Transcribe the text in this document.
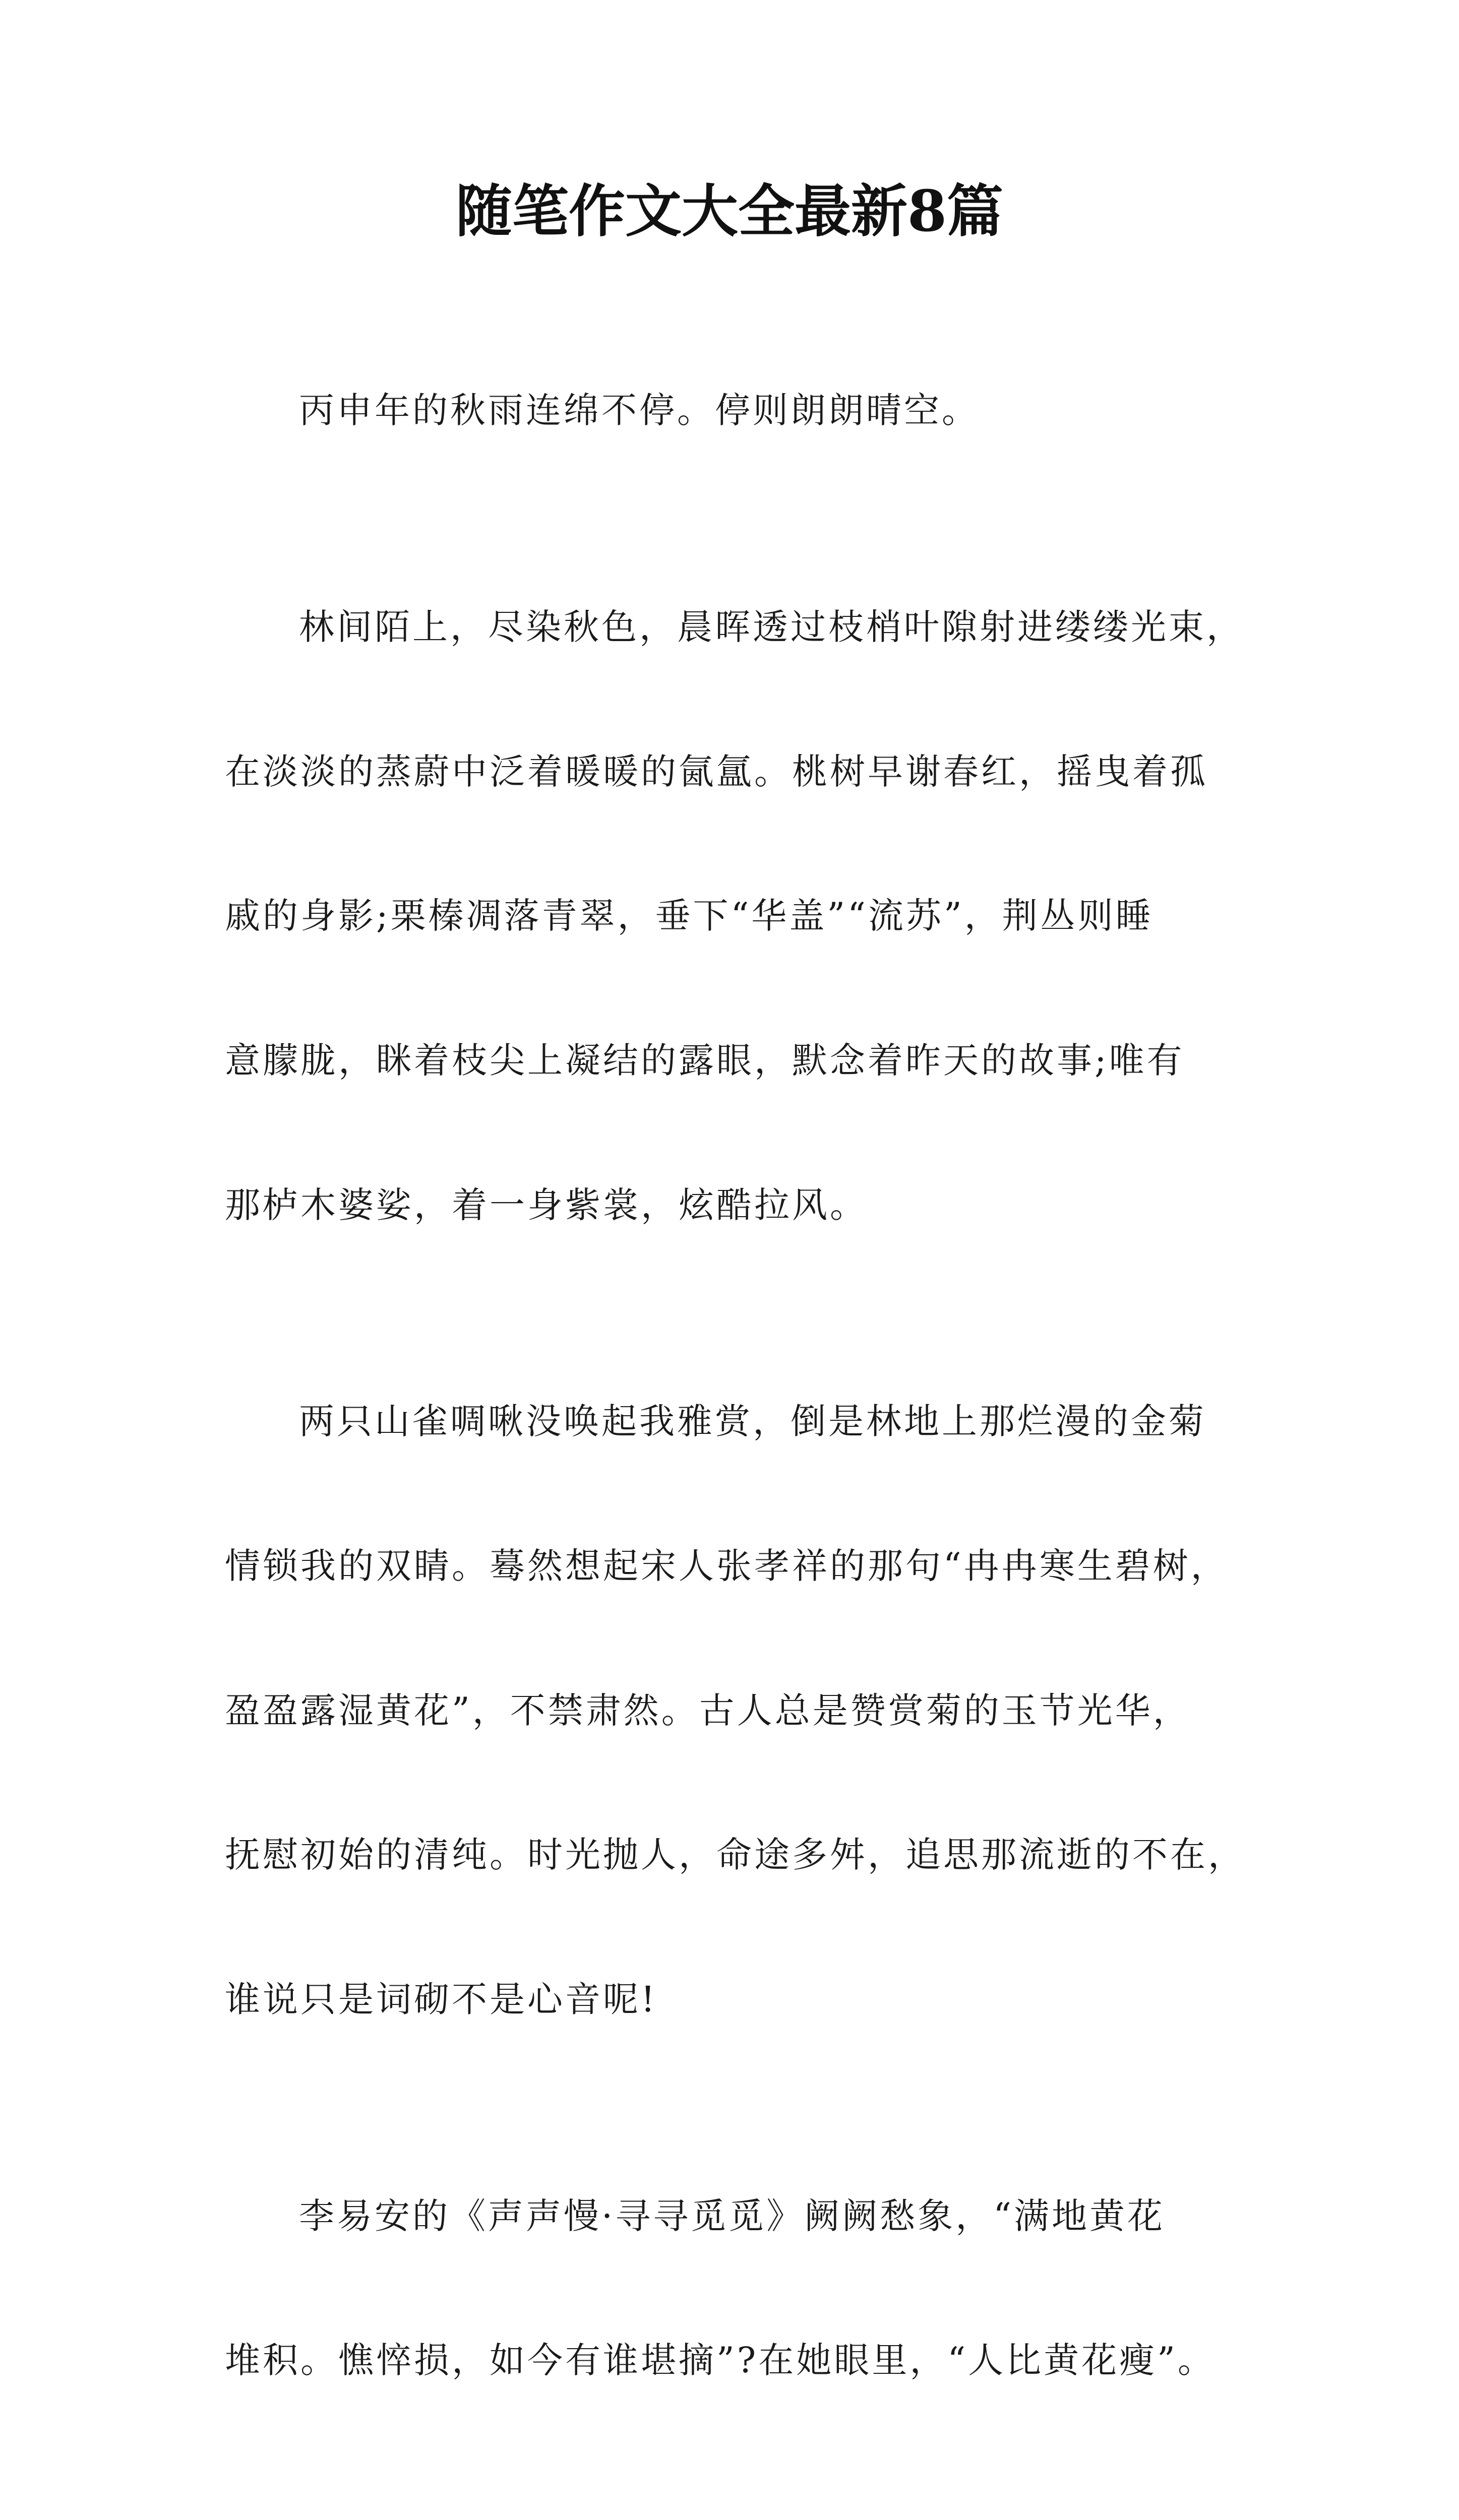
随笔作文大全最新8篇

丙申年的秋雨连绵不停。停则朗朗晴空。

林间陌上，尽染秋色，晨晖透过枝梢叶隙射进缕缕光束，

在淡淡的蒸蔚中泛着暖暖的氤氲。桃树早谢春红，摇曳着孤

戚的身影;栗榛凋落青翠，垂下“华盖”“流苏”，荆丛则睡

意朦胧，眯着枝尖上凝结的露眼，默念着昨天的故事;唯有

那栌木婆娑，着一身紫裳，炫酷拉风。

两只山雀啁啾没唤起我雅赏，倒是林地上那烂漫的金菊

情锁我的双睛。蓦然想起宋人张孝祥的那句“冉冉寒生碧树，

盈盈露湿黄花”，不禁肃然。古人总是赞赏菊的玉节光华，

抚慰初始的清纯。时光抛人，命途多舛，追思那流逝的不在，

谁说只是词砌不是心音呢!

李易安的《声声慢·寻寻觅觅》阙阙愁象，“满地黄花

堆积。憔悴损，如今有谁堪摘”?在她眼里，“人比黄花瘦”。
